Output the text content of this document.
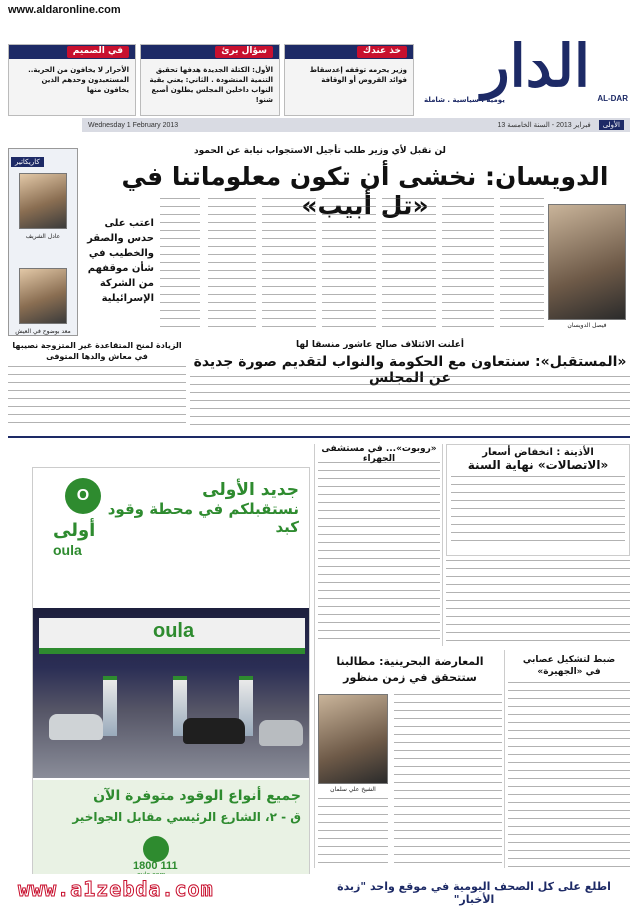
www.aldaronline.com
في الصميم
الأحرار لا يخافون من الحرية.. المستعبدون وحدهم الذين يخافون منها
سؤال برئ
الأول: الكتلة الجديدة هدفها تحقيق التنمية المنشودة . الثاني: يعني بقية النواب داخلين المجلس يطلون أصبع شنو!
خذ عندك
وزير يحرمه توقفه إعدسقاط فوائد القروض أو الوقافة الدار AL-DAR
يومية . سياسية . شاملة
Wednesday 1 February 2013	13 فبراير 2013 - السنة الخامسة	الأولى
لن نقبل لأي وزير طلب تأجيل الاستجواب نيابة عن الحمود
الدويسان: نخشى أن تكون معلوماتنا في «تل أبيب»
فيصل الدويسان
كاريكاتير
عادل الشريف
معد بوضوح في العيش
اعتب على حدس والصقر والخطيب في شأن موقفهم من الشركة الإسرائيلية
الزيادة لمنح المتقاعدة غير المتزوجة نصيبها في معاش والدها المتوفى
أعلنت الائتلاف صالح عاشور منسقا لها
«المستقبل»: سنتعاون مع الحكومة والنواب لتقديم صورة جديدة عن المجلس
الأذينة : انخفاض أسعار
«الاتصالات» نهاية السنة
«روبوت»... في مستشفى الجهراء
المعارضة البحرينية: مطالبنا
ستتحقق في زمن منظور
الشيخ علي سلمان
ضبط لتشكيل عصابي
في «الجهيرة»
جديد الأولى
نستقبلكم في محطة وقود كبد
O
أولى
oula
oula
جميع أنواع الوقود متوفرة الآن
ق - ٢، الشارع الرئيسي مقابل الجواخير
1800 111
www.a1zebda.com	اطلع على كل الصحف اليومية في موقع واحد "زبدة الأخبار"
